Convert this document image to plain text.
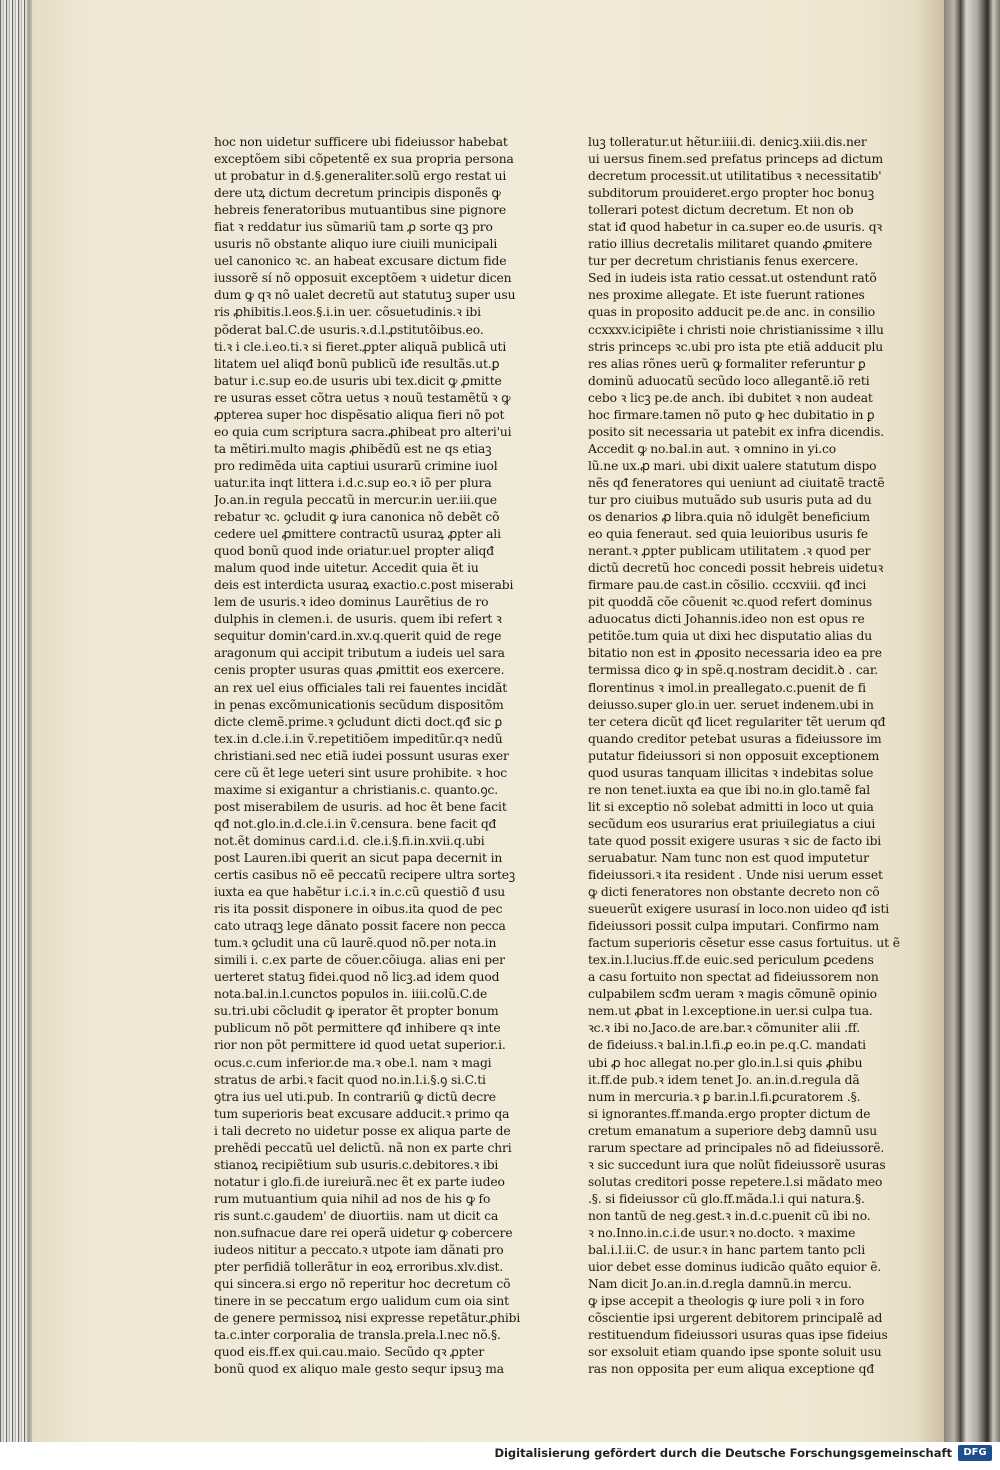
hoc non uidetur sufficere ubi fideiussor habebat
exceptõem sibi cõpetentẽ ex sua propria persona
ut probatur in d.§.generaliter.solũ ergo restat ui
dere utꝝ dictum decretum principis disponẽs ꝙ
hebreis feneratoribus mutuantibus sine pignore
fiat ꝛ reddatur ius sũmariũ tam ꝓ sorte qꝫ pro
usuris nõ obstante aliquo iure ciuili municipali
uel canonico ꝛc. an habeat excusare dictum fide
iussorẽ sí nõ opposuit exceptõem ꝛ uidetur dicen
dum ꝙ qꝛ nõ ualet decretũ aut statutuꝫ super usu
ris ꝓhibitis.l.eos.§.i.in uer. cõsuetudinis.ꝛ ibi
põderat bal.C.de usuris.ꝛ.d.l.ꝓstitutõibus.eo.
ti.ꝛ i cle.i.eo.ti.ꝛ si fieret.ꝓpter aliquã publicã uti
litatem uel aliqđ bonũ publicũ iđe resultãs.ut.ꝑ
batur i.c.sup eo.de usuris ubi tex.dicit ꝙ ꝓmitte
re usuras esset cõtra uetus ꝛ nouũ testamẽtũ ꝛ ꝙ
ꝓpterea super hoc dispẽsatio aliqua fieri nõ pot
eo quia cum scriptura sacra.ꝓhibeat pro alteri'ui
ta mẽtiri.multo magis ꝓhibẽdũ est ne qs etiaꝫ
pro redimẽda uita captiui usurarũ crimine iuol
uatur.ita inqt littera i.d.c.sup eo.ꝛ iõ per plura
Jo.an.in regula peccatũ in mercur.in uer.iii.que
rebatur ꝛc. ꝯcludit ꝙ iura canonica nõ debẽt cõ
cedere uel ꝓmittere contractũ usuraꝝ ꝓpter ali
quod bonũ quod inde oriatur.uel propter aliqđ
malum quod inde uitetur. Accedit quia ẽt iu
deis est interdicta usuraꝝ exactio.c.post miserabi
lem de usuris.ꝛ ideo dominus Laurẽtius de ro
dulphis in clemen.i. de usuris. quem ibi refert ꝛ
sequitur domin'card.in.xv.q.querit quid de rege
aragonum qui accipit tributum a iudeis uel sara
cenis propter usuras quas ꝓmittit eos exercere.
an rex uel eius officiales tali rei fauentes incidãt
in penas excõmunicationis secũdum dispositõm
dicte clemẽ.prime.ꝛ ꝯcludunt dicti doct.qđ sic ꝑ
tex.in d.cle.i.in ṽ.repetitiõem impeditũr.qꝛ nedũ
christiani.sed nec etiã iudei possunt usuras exer
cere cũ ẽt lege ueteri sint usure prohibite. ꝛ hoc
maxime si exigantur a christianis.c. quanto.ꝯc.
post miserabilem de usuris. ad hoc ẽt bene facit
qđ not.glo.in.d.cle.i.in ṽ.censura. bene facit qđ
not.ẽt dominus card.i.d. cle.i.§.fi.in.xvii.q.ubi
post Lauren.ibi querit an sicut papa decernit in
certis casibus nõ eẽ peccatũ recipere ultra sorteꝫ
iuxta ea que habẽtur i.c.i.ꝛ in.c.cũ questiõ đ usu
ris ita possit disponere in oibus.ita quod de pec
cato utraqꝫ lege dãnato possit facere non pecca
tum.ꝛ ꝯcludit una cũ laurẽ.quod nõ.per nota.in
simili i. c.ex parte de cõuer.cõiuga. alias eni per
uerteret statuꝫ fidei.quod nõ licꝫ.ad idem quod
nota.bal.in.l.cunctos populos in. iiii.colũ.C.de
su.tri.ubi cõcludit ꝙ iperator ẽt propter bonum
publicum nõ põt permittere qđ inhibere qꝛ inte
rior non põt permittere id quod uetat superior.i.
ocus.c.cum inferior.de ma.ꝛ obe.l. nam ꝛ magi
stratus de arbi.ꝛ facit quod no.in.l.i.§.ꝯ si.C.ti
ꝯtra ius uel uti.pub. In contrariũ ꝙ dictũ decre
tum superioris beat excusare adducit.ꝛ primo qa
i tali decreto no uidetur posse ex aliqua parte de
prehẽdi peccatũ uel delictũ. nã non ex parte chri
stianoꝝ recipiẽtium sub usuris.c.debitores.ꝛ ibi
notatur i glo.fi.de iureiurã.nec ẽt ex parte iudeo
rum mutuantium quia nihil ad nos de his ꝙ fo
ris sunt.c.gaudem' de diuortiis. nam ut dicit ca
non.sufnacue dare rei operã uidetur ꝙ cobercere
iudeos nititur a peccato.ꝛ utpote iam dãnati pro
pter perfidiã tollerãtur in eoꝝ erroribus.xlv.dist.
qui sincera.si ergo nõ reperitur hoc decretum cõ
tinere in se peccatum ergo ualidum cum oia sint
de genere permissoꝝ nisi expresse repetãtur.ꝓhibi
ta.c.inter corporalia de transla.prela.l.nec nõ.§.
quod eis.ff.ex qui.cau.maio. Secũdo qꝛ ꝓpter
bonũ quod ex aliquo male gesto sequr ipsuꝫ ma
luꝫ tolleratur.ut hẽtur.iiii.di. denicꝫ.xiii.dis.ner
ui uersus finem.sed prefatus princeps ad dictum
decretum processit.ut utilitatibus ꝛ necessitatib'
subditorum prouideret.ergo propter hoc bonuꝫ
tollerari potest dictum decretum. Et non ob
stat iđ quod habetur in ca.super eo.de usuris. qꝛ
ratio illius decretalis militaret quando ꝓmitere
tur per decretum christianis fenus exercere.
Sed in iudeis ista ratio cessat.ut ostendunt ratõ
nes proxime allegate. Et iste fuerunt rationes
quas in proposito adducit pe.de anc. in consilio
ccxxxv.icipiẽte i christi noie christianissime ꝛ illu
stris princeps ꝛc.ubi pro ista pte etiã adducit plu
res alias rõnes uerũ ꝙ formaliter referuntur ꝑ
dominũ aduocatũ secũdo loco allegantẽ.iõ reti
cebo ꝛ licꝫ pe.de anch. ibi dubitet ꝛ non audeat
hoc firmare.tamen nõ puto ꝙ hec dubitatio in ꝑ
posito sit necessaria ut patebit ex infra dicendis.
Accedit ꝙ no.bal.in aut. ꝛ omnino in yi.co
lũ.ne ux.ꝓ mari. ubi dixit ualere statutum dispo
nẽs qđ feneratores qui ueniunt ad ciuitatẽ tractẽ
tur pro ciuibus mutuãdo sub usuris puta ad du
os denarios ꝓ libra.quia nõ idulgẽt beneficium
eo quia feneraut. sed quia leuioribus usuris fe
nerant.ꝛ ꝓpter publicam utilitatem .ꝛ quod per
dictũ decretũ hoc concedi possit hebreis uidetuꝛ
firmare pau.de cast.in cõsilio. cccxviii. qđ inci
pit quoddã cõe cõuenit ꝛc.quod refert dominus
aduocatus dicti Johannis.ideo non est opus re
petitõe.tum quia ut dixi hec disputatio alias du
bitatio non est in ꝓposito necessaria ideo ea pre
termissa dico ꝙ in spẽ.q.nostram decidit.ꝺ . car.
florentinus ꝛ imol.in preallegato.c.puenit de fi
deiusso.super glo.in uer. seruet indenem.ubi in
ter cetera dicũt qđ licet regulariter tẽt uerum qđ
quando creditor petebat usuras a fideiussore im
putatur fideiussori si non opposuit exceptionem
quod usuras tanquam illicitas ꝛ indebitas solue
re non tenet.iuxta ea que ibi no.in glo.tamẽ fal
lit si exceptio nõ solebat admitti in loco ut quia
secũdum eos usurarius erat priuilegiatus a ciui
tate quod possit exigere usuras ꝛ sic de facto ibi
seruabatur. Nam tunc non est quod imputetur
fideiussori.ꝛ ita resident . Unde nisi uerum esset
ꝙ dicti feneratores non obstante decreto non cõ
sueuerũt exigere usurasí in loco.non uideo qđ isti
fideiussori possit culpa imputari. Confirmo nam
factum superioris cẽsetur esse casus fortuitus. ut ẽ
tex.in.l.lucius.ff.de euic.sed periculum ꝑcedens
a casu fortuito non spectat ad fideiussorem non
culpabilem scđm ueram ꝛ magis cõmunẽ opinio
nem.ut ꝓbat in l.exceptione.in uer.si culpa tua.
ꝛc.ꝛ ibi no.Jaco.de are.bar.ꝛ cõmuniter alii .ff.
de fideiuss.ꝛ bal.in.l.fi.ꝓ eo.in pe.q.C. mandati
ubi ꝓ hoc allegat no.per glo.in.l.si quis ꝓhibu
it.ff.de pub.ꝛ idem tenet Jo. an.in.d.regula dã
num in mercuria.ꝛ ꝑ bar.in.l.fi.ꝑcuratorem .§.
si ignorantes.ff.manda.ergo propter dictum de
cretum emanatum a superiore debꝫ damnũ usu
rarum spectare ad principales nõ ad fideiussorẽ.
ꝛ sic succedunt iura que nolũt fideiussorẽ usuras
solutas creditori posse repetere.l.si mãdato meo
.§. si fideiussor cũ glo.ff.mãda.l.i qui natura.§.
non tantũ de neg.gest.ꝛ in.d.c.puenit cũ ibi no.
ꝛ no.Inno.in.c.i.de usur.ꝛ no.docto. ꝛ maxime
bal.i.l.ii.C. de usur.ꝛ in hanc partem tanto pcli
uior debet esse dominus iudicão quãto equior ẽ.
Nam dicit Jo.an.in.d.regla damnũ.in mercu.
ꝙ ipse accepit a theologis ꝙ iure poli ꝛ in foro
cõscientie ipsi urgerent debitorem principalẽ ad
restituendum fideiussori usuras quas ipse fideius
sor exsoluit etiam quando ipse sponte soluit usu
ras non opposita per eum aliqua exceptione qđ
Digitalisierung gefördert durch die Deutsche Forschungsgemeinschaft	DFG
